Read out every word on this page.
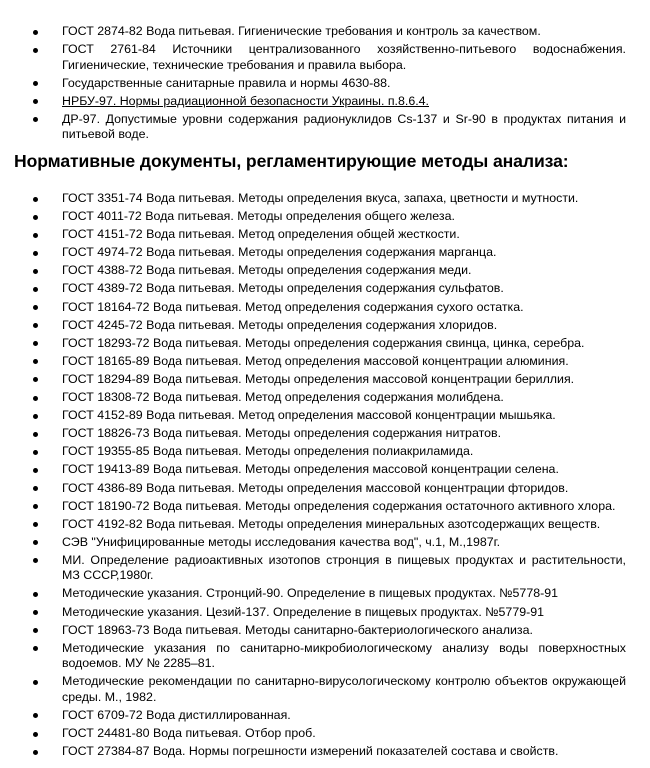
ГОСТ 2874-82 Вода питьевая. Гигиенические требования и контроль за качеством.
ГОСТ 2761-84 Источники централизованного хозяйственно-питьевого водоснабжения. Гигиенические, технические требования и правила выбора.
Государственные санитарные правила и нормы 4630-88.
НРБУ-97. Нормы радиационной безопасности Украины. п.8.6.4.
ДР-97. Допустимые уровни содержания радионуклидов Cs-137 и Sr-90 в продуктах питания и питьевой воде.
Нормативные документы, регламентирующие методы анализа:
ГОСТ 3351-74 Вода питьевая. Методы определения вкуса, запаха, цветности и мутности.
ГОСТ 4011-72 Вода питьевая. Методы определения общего железа.
ГОСТ 4151-72 Вода питьевая. Метод определения общей жесткости.
ГОСТ 4974-72 Вода питьевая. Методы определения содержания марганца.
ГОСТ 4388-72 Вода питьевая. Методы определения содержания меди.
ГОСТ 4389-72 Вода питьевая. Методы определения содержания сульфатов.
ГОСТ 18164-72 Вода питьевая. Метод определения содержания сухого остатка.
ГОСТ 4245-72 Вода питьевая. Методы определения содержания хлоридов.
ГОСТ 18293-72 Вода питьевая. Методы определения содержания свинца, цинка, серебра.
ГОСТ 18165-89 Вода питьевая. Метод определения массовой концентрации алюминия.
ГОСТ 18294-89 Вода питьевая. Методы определения массовой концентрации бериллия.
ГОСТ 18308-72 Вода питьевая. Метод определения содержания молибдена.
ГОСТ 4152-89 Вода питьевая. Метод определения массовой концентрации мышьяка.
ГОСТ 18826-73 Вода питьевая. Методы определения содержания нитратов.
ГОСТ 19355-85 Вода питьевая. Методы определения полиакриламида.
ГОСТ 19413-89 Вода питьевая. Методы определения массовой концентрации селена.
ГОСТ 4386-89 Вода питьевая. Методы определения массовой концентрации фторидов.
ГОСТ 18190-72 Вода питьевая. Методы определения содержания остаточного активного хлора.
ГОСТ 4192-82 Вода питьевая. Методы определения минеральных азотсодержащих веществ.
СЭВ "Унифицированные методы исследования качества вод", ч.1, М.,1987г.
МИ. Определение радиоактивных изотопов стронция в пищевых продуктах и растительности, МЗ СССР,1980г.
Методические указания. Стронций-90. Определение в пищевых продуктах. №5778-91
Методические указания. Цезий-137. Определение в пищевых продуктах. №5779-91
ГОСТ 18963-73 Вода питьевая. Методы санитарно-бактериологического анализа.
Методические указания по санитарно-микробиологическому анализу воды поверхностных водоемов. МУ № 2285–81.
Методические рекомендации по санитарно-вирусологическому контролю объектов окружающей среды. М., 1982.
ГОСТ 6709-72 Вода дистиллированная.
ГОСТ 24481-80 Вода питьевая. Отбор проб.
ГОСТ 27384-87 Вода. Нормы погрешности измерений показателей состава и свойств.
